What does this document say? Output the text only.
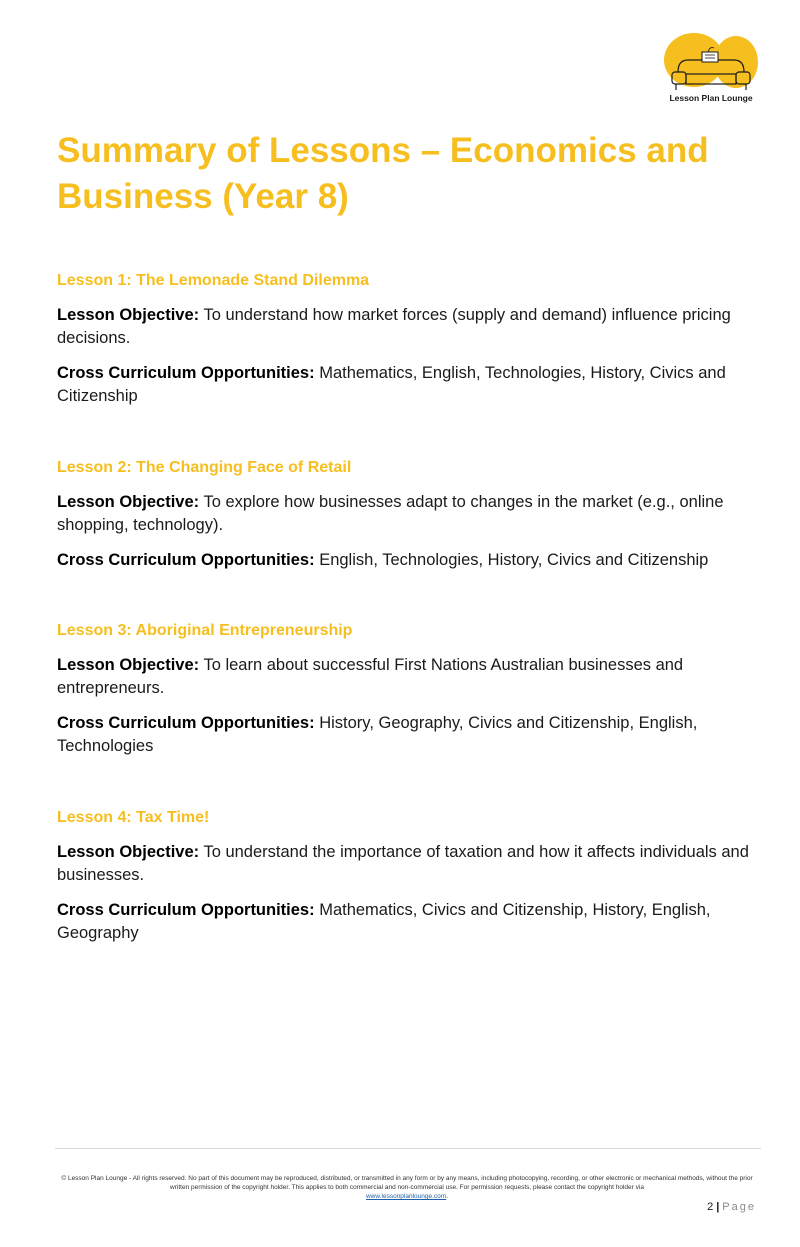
Lesson Plan Lounge
Summary of Lessons – Economics and Business (Year 8)
Lesson 1: The Lemonade Stand Dilemma

Lesson Objective: To understand how market forces (supply and demand) influence pricing decisions.

Cross Curriculum Opportunities: Mathematics, English, Technologies, History, Civics and Citizenship

Lesson 2: The Changing Face of Retail

Lesson Objective: To explore how businesses adapt to changes in the market (e.g., online shopping, technology).

Cross Curriculum Opportunities: English, Technologies, History, Civics and Citizenship

Lesson 3: Aboriginal Entrepreneurship

Lesson Objective: To learn about successful First Nations Australian businesses and entrepreneurs.

Cross Curriculum Opportunities: History, Geography, Civics and Citizenship, English, Technologies

Lesson 4: Tax Time!

Lesson Objective: To understand the importance of taxation and how it affects individuals and businesses.

Cross Curriculum Opportunities: Mathematics, Civics and Citizenship, History, English, Geography

© Lesson Plan Lounge - All rights reserved. No part of this document may be reproduced, distributed, or transmitted in any form or by any means, including photocopying, recording, or other electronic or mechanical methods, without the prior written permission of the copyright holder. This applies to both commercial and non-commercial use. For permission requests, please contact the copyright holder via
www.lessonplanlounge.com.
2 | Page
